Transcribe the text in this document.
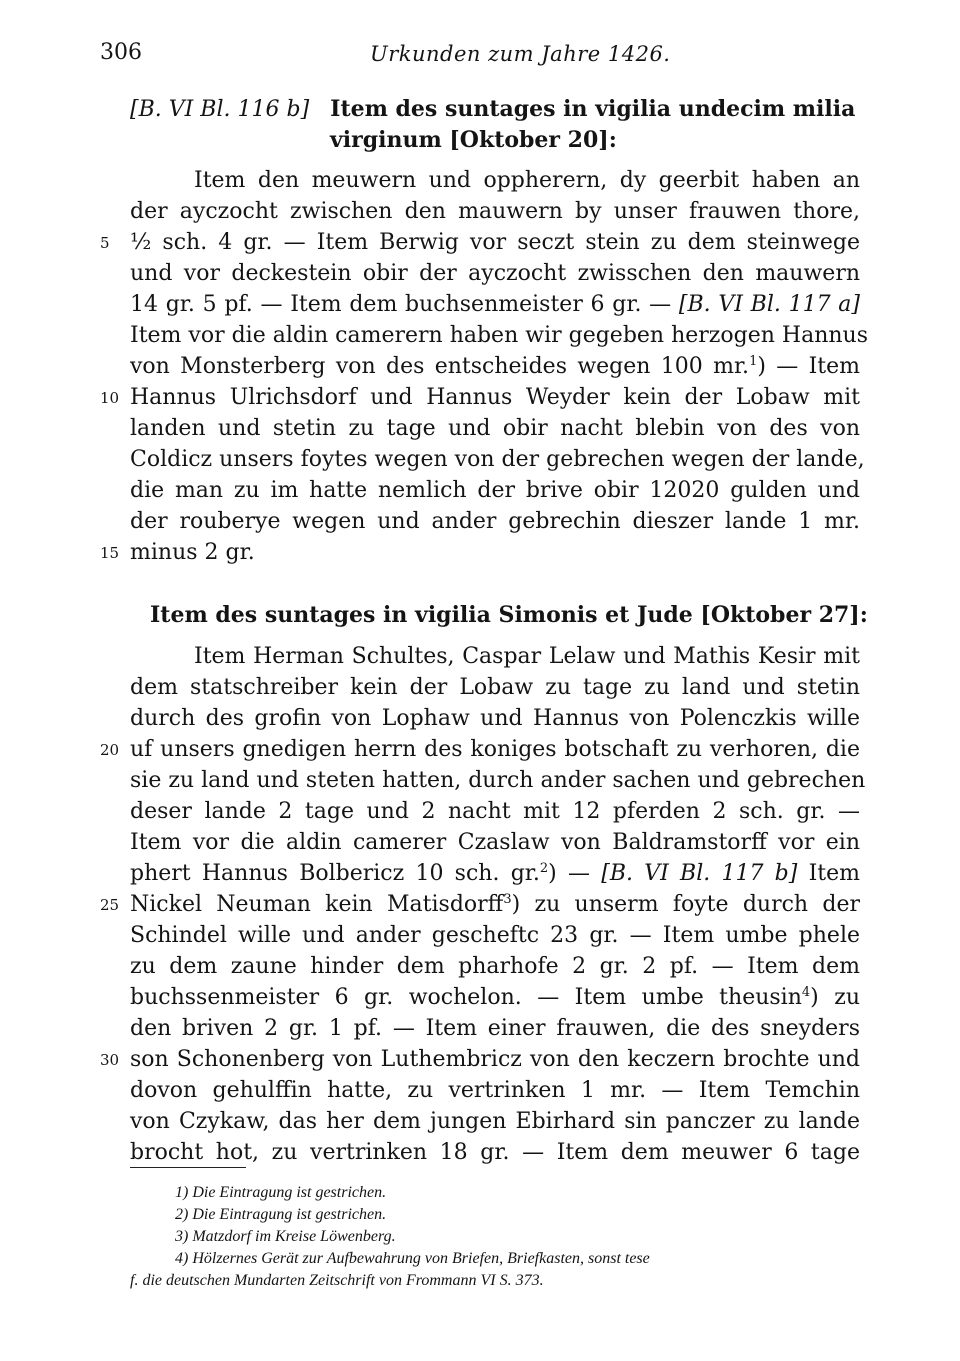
306	Urkunden zum Jahre 1426.
[B. VI Bl. 116 b] Item des suntages in vigilia undecim milia
virginum [Oktober 20]:
Item den meuwern und oppherern, dy geerbit haben an
der ayczocht zwischen den mauwern by unser frauwen thore,
½ sch. 4 gr. — Item Berwig vor seczt stein zu dem steinwege
und vor deckestein obir der ayczocht zwisschen den mauwern
14 gr. 5 pf. — Item dem buchsenmeister 6 gr. — [B. VI Bl. 117 a]
Item vor die aldin camerern haben wir gegeben herzogen Hannus
von Monsterberg von des entscheides wegen 100 mr.$^1$) — Item
Hannus Ulrichsdorf und Hannus Weyder kein der Lobaw mit
landen und stetin zu tage und obir nacht blebin von des von
Coldicz unsers foytes wegen von der gebrechen wegen der lande,
die man zu im hatte nemlich der brive obir 12020 gulden und
der rouberye wegen und ander gebrechin dieszer lande 1 mr.
minus 2 gr.
Item des suntages in vigilia Simonis et Jude [Oktober 27]:
Item Herman Schultes, Caspar Lelaw und Mathis Kesir mit
dem statschreiber kein der Lobaw zu tage zu land und stetin
durch des grofin von Lophaw und Hannus von Polenczkis wille
uf unsers gnedigen herrn des koniges botschaft zu verhoren, die
sie zu land und steten hatten, durch ander sachen und gebrechen
deser lande 2 tage und 2 nacht mit 12 pferden 2 sch. gr. —
Item vor die aldin camerer Czaslaw von Baldramstorff vor ein
phert Hannus Bolbericz 10 sch. gr.$^2$) — [B. VI Bl. 117 b] Item
Nickel Neuman kein Matisdorff$^3$) zu unserm foyte durch der
Schindel wille und ander gescheftc 23 gr. — Item umbe phele
zu dem zaune hinder dem pharhofe 2 gr. 2 pf. — Item dem
buchssenmeister 6 gr. wochelon. — Item umbe theusin$^4$) zu
den briven 2 gr. 1 pf. — Item einer frauwen, die des sneyders
son Schonenberg von Luthembricz von den keczern brochte und
dovon gehulffin hatte, zu vertrinken 1 mr. — Item Temchin
von Czykaw, das her dem jungen Ebirhard sin panczer zu lande
brocht hot, zu vertrinken 18 gr. — Item dem meuwer 6 tage
5
10
15
20
25
30
1) Die Eintragung ist gestrichen.
2) Die Eintragung ist gestrichen.
3) Matzdorf im Kreise Löwenberg.
4) Hölzernes Gerät zur Aufbewahrung von Briefen, Briefkasten, sonst tese
f. die deutschen Mundarten Zeitschrift von Frommann VI S. 373.
